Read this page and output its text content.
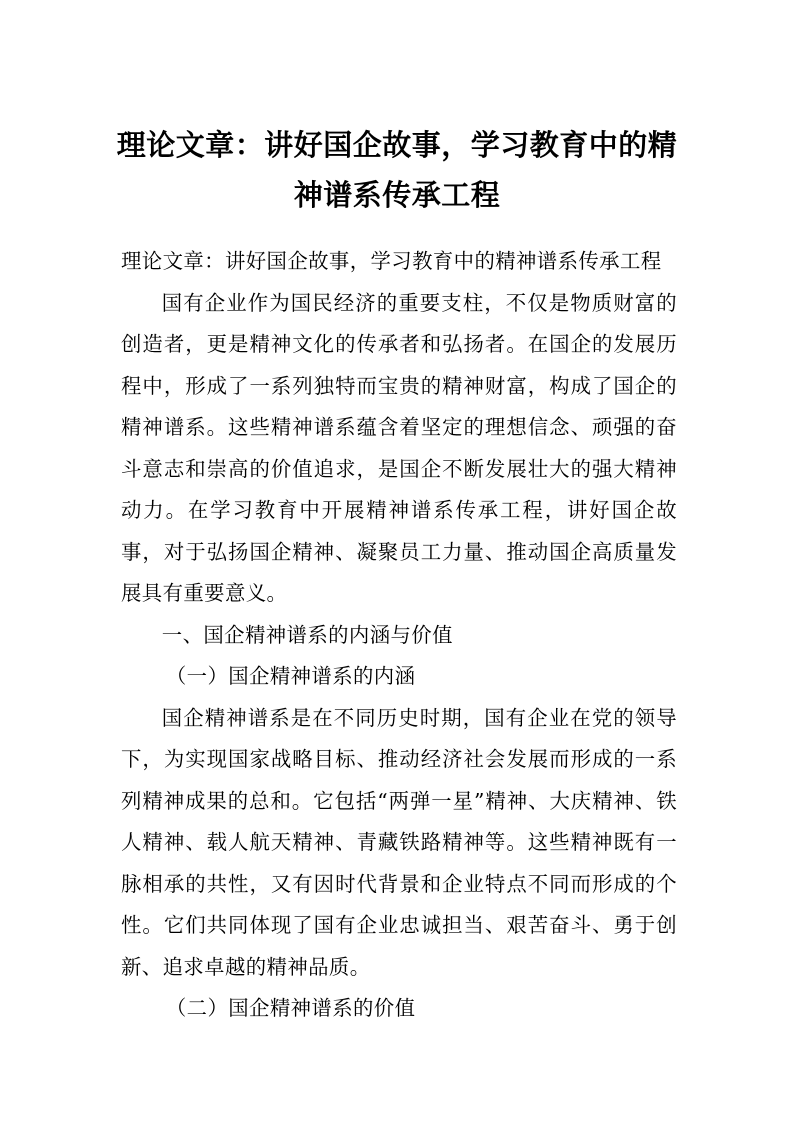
理论文章：讲好国企故事，学习教育中的精神谱系传承工程

理论文章：讲好国企故事，学习教育中的精神谱系传承工程

国有企业作为国民经济的重要支柱，不仅是物质财富的创造者，更是精神文化的传承者和弘扬者。在国企的发展历程中，形成了一系列独特而宝贵的精神财富，构成了国企的精神谱系。这些精神谱系蕴含着坚定的理想信念、顽强的奋斗意志和崇高的价值追求，是国企不断发展壮大的强大精神动力。在学习教育中开展精神谱系传承工程，讲好国企故事，对于弘扬国企精神、凝聚员工力量、推动国企高质量发展具有重要意义。

一、国企精神谱系的内涵与价值

（一）国企精神谱系的内涵

国企精神谱系是在不同历史时期，国有企业在党的领导下，为实现国家战略目标、推动经济社会发展而形成的一系列精神成果的总和。它包括“两弹一星”精神、大庆精神、铁人精神、载人航天精神、青藏铁路精神等。这些精神既有一脉相承的共性，又有因时代背景和企业特点不同而形成的个性。它们共同体现了国有企业忠诚担当、艰苦奋斗、勇于创新、追求卓越的精神品质。

（二）国企精神谱系的价值
